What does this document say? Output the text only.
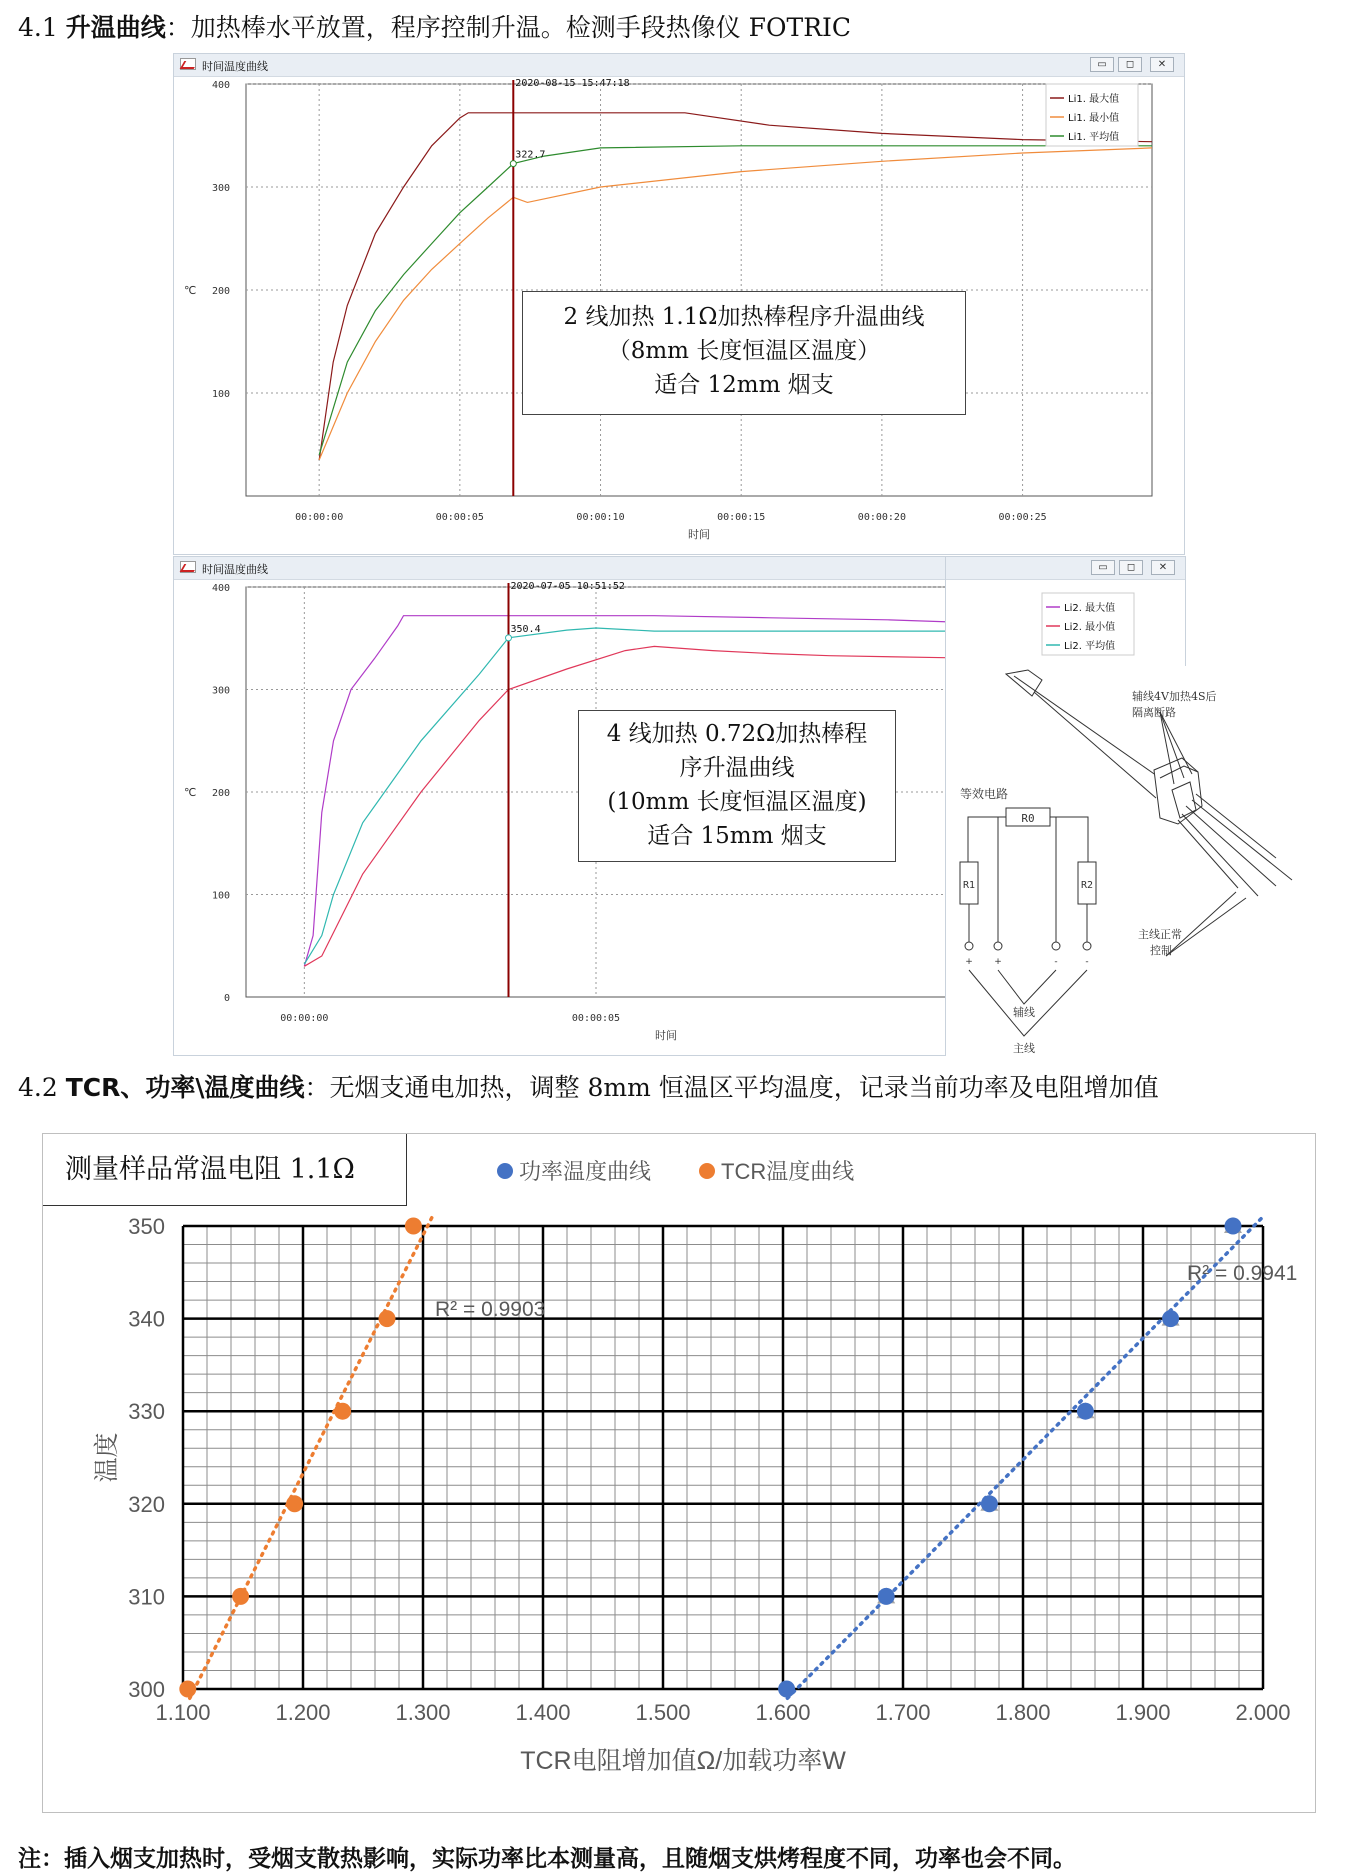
4.1 升温曲线：加热棒水平放置，程序控制升温。检测手段热像仪 FOTRIC
时间温度曲线	▭	◻	✕
100
200
300
400
00:00:00	00:00:05	00:00:10	00:00:15	00:00:20	00:00:25
时间
℃
2020-08-15 15:47:18
322.7
Li1. 最大值
Li1. 最小值
Li1. 平均值
2 线加热 1.1Ω加热棒程序升温曲线
（8mm 长度恒温区温度）
适合 12mm 烟支
时间温度曲线
0
100
200
300
400
00:00:00	00:00:05
时间
℃
2020-07-05 10:51:52
350.4
4 线加热 0.72Ω加热棒程
序升温曲线
(10mm 长度恒温区温度)
适合 15mm 烟支
▭	◻	✕
Li2. 最大值
Li2. 最小值
Li2. 平均值
等效电路
R0
R1	R2
+ +	-	-
辅线
主线
辅线4V加热4S后
隔离断路
主线正常
控制
4.2 TCR、功率\温度曲线：无烟支通电加热，调整 8mm 恒温区平均温度，记录当前功率及电阻增加值
1.100	1.200	1.300	1.400	1.500	1.600	1.700	1.800	1.900	2.000
300
310
320
330
340
350
TCR电阻增加值Ω/加载功率W
温度
功率温度曲线	TCR温度曲线
R² = 0.9941
R² = 0.9903
测量样品常温电阻 1.1Ω
注：插入烟支加热时，受烟支散热影响，实际功率比本测量高，且随烟支烘烤程度不同，功率也会不同。
